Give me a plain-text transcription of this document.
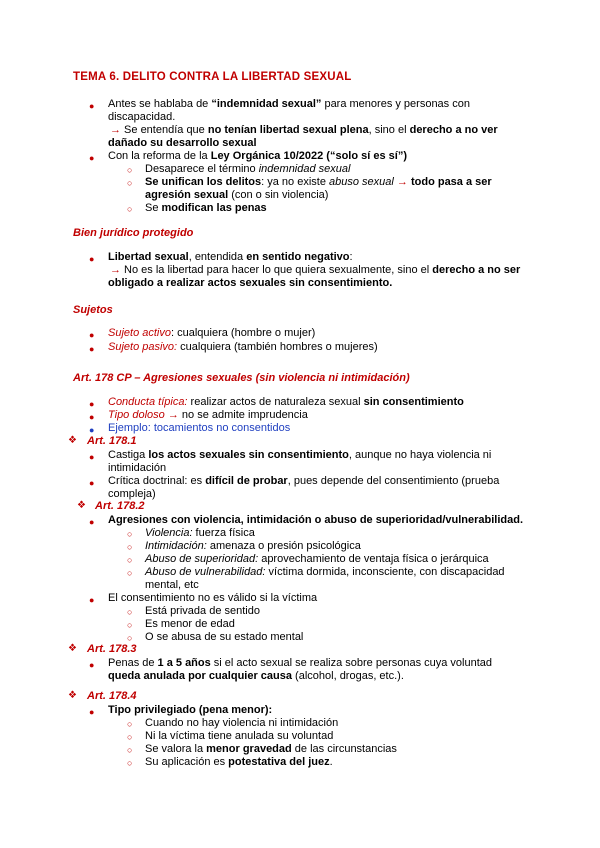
TEMA 6. DELITO CONTRA LA LIBERTAD SEXUAL
● Antes se hablaba de “indemnidad sexual” para menores y personas con
discapacidad.
→ Se entendía que no tenían libertad sexual plena, sino el derecho a no ver
dañado su desarrollo sexual
● Con la reforma de la Ley Orgánica 10/2022 (“solo sí es sí”)
○ Desaparece el término indemnidad sexual
○ Se unifican los delitos: ya no existe abuso sexual → todo pasa a ser
agresión sexual (con o sin violencia)
○ Se modifican las penas
Bien jurídico protegido
● Libertad sexual, entendida en sentido negativo:
→ No es la libertad para hacer lo que quiera sexualmente, sino el derecho a no ser
obligado a realizar actos sexuales sin consentimiento.
Sujetos
● Sujeto activo: cualquiera (hombre o mujer)
● Sujeto pasivo: cualquiera (también hombres o mujeres)
Art. 178 CP – Agresiones sexuales (sin violencia ni intimidación)
● Conducta típica: realizar actos de naturaleza sexual sin consentimiento
● Tipo doloso → no se admite imprudencia
● Ejemplo: tocamientos no consentidos
❖ Art. 178.1
● Castiga los actos sexuales sin consentimiento, aunque no haya violencia ni
intimidación
● Crítica doctrinal: es difícil de probar, pues depende del consentimiento (prueba
compleja)
❖ Art. 178.2
● Agresiones con violencia, intimidación o abuso de superioridad/vulnerabilidad.
○ Violencia: fuerza física
○ Intimidación: amenaza o presión psicológica
○ Abuso de superioridad: aprovechamiento de ventaja física o jerárquica
○ Abuso de vulnerabilidad: víctima dormida, inconsciente, con discapacidad
mental, etc
● El consentimiento no es válido si la víctima
○ Está privada de sentido
○ Es menor de edad
○ O se abusa de su estado mental
❖ Art. 178.3
● Penas de 1 a 5 años si el acto sexual se realiza sobre personas cuya voluntad
queda anulada por cualquier causa (alcohol, drogas, etc.).
❖ Art. 178.4
● Tipo privilegiado (pena menor):
○ Cuando no hay violencia ni intimidación
○ Ni la víctima tiene anulada su voluntad
○ Se valora la menor gravedad de las circunstancias
○ Su aplicación es potestativa del juez.
